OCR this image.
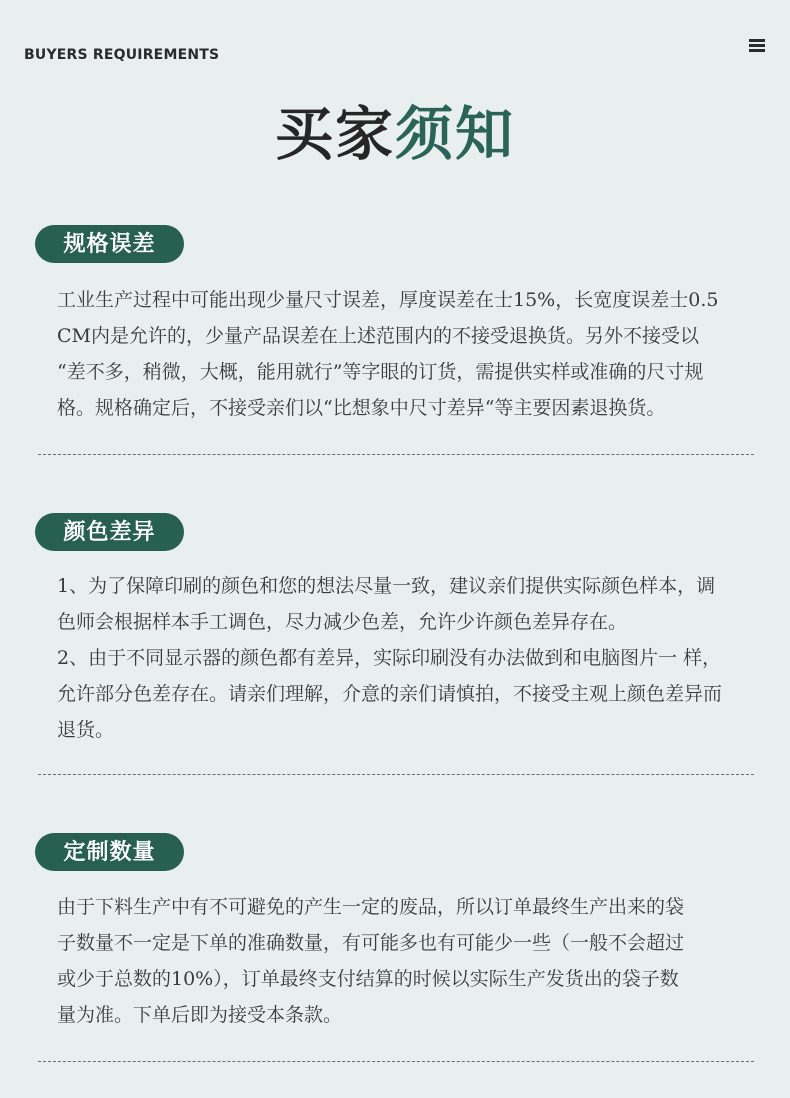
BUYERS REQUIREMENTS
买家须知
规格误差

工业生产过程中可能出现少量尺寸误差，厚度误差在士15%，长宽度误差士0.5

CM内是允许的，少量产品误差在上述范围内的不接受退换货。另外不接受以

“差不多，稍微，大概，能用就行”等字眼的订货，需提供实样或准确的尺寸规

格。规格确定后，不接受亲们以“比想象中尺寸差异“等主要因素退换货。

颜色差异

1、为了保障印刷的颜色和您的想法尽量一致，建议亲们提供实际颜色样本，调

色师会根据样本手工调色，尽力减少色差，允许少许颜色差异存在。

2、由于不同显示器的颜色都有差异，实际印刷没有办法做到和电脑图片一 样，

允许部分色差存在。请亲们理解，介意的亲们请慎拍，不接受主观上颜色差异而

退货。

定制数量

由于下料生产中有不可避免的产生一定的废品，所以订单最终生产出来的袋

子数量不一定是下单的准确数量，有可能多也有可能少一些（一般不会超过

或少于总数的10%），订单最终支付结算的时候以实际生产发货出的袋子数

量为准。下单后即为接受本条款。
